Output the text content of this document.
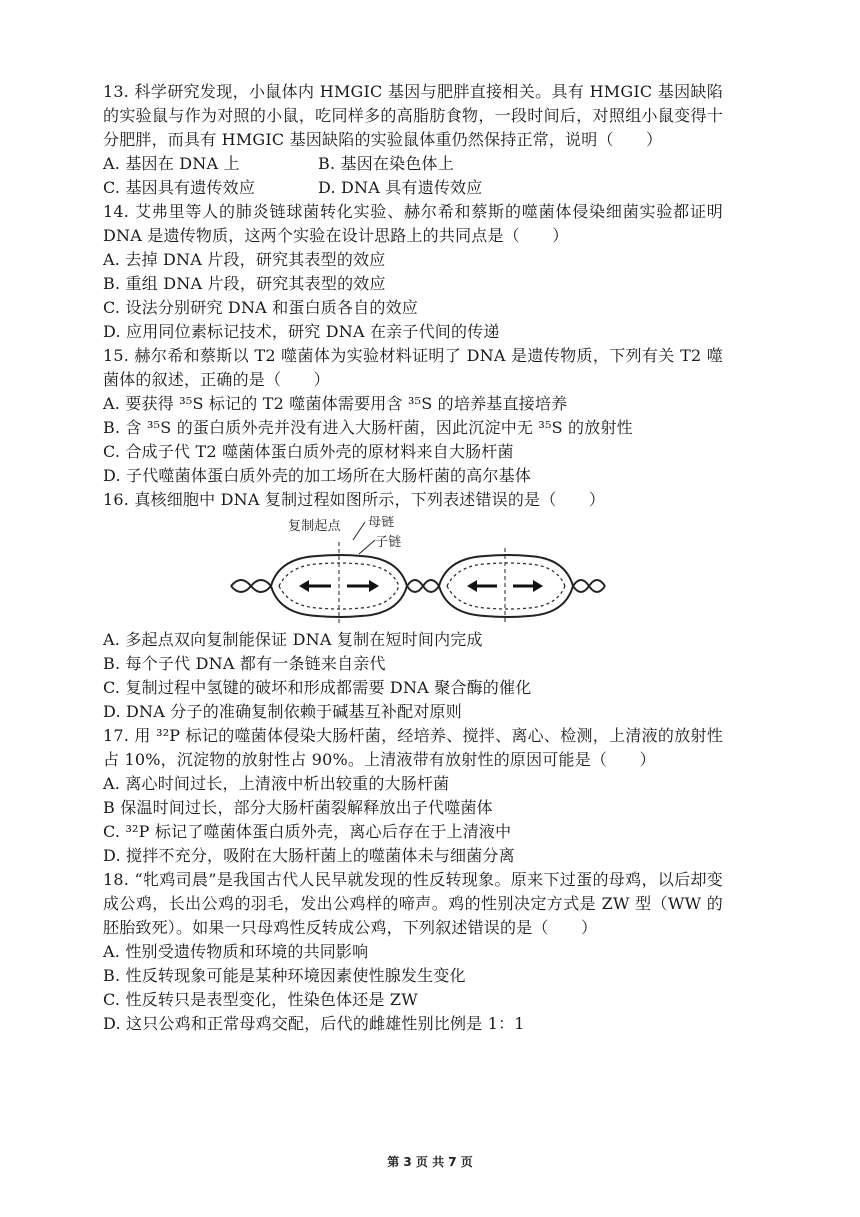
13. 科学研究发现，小鼠体内 HMGIC 基因与肥胖直接相关。具有 HMGIC 基因缺陷的实验鼠与作为对照的小鼠，吃同样多的高脂肪食物，一段时间后，对照组小鼠变得十分肥胖，而具有 HMGIC 基因缺陷的实验鼠体重仍然保持正常，说明（　　）

A. 基因在 DNA 上	B. 基因在染色体上

C. 基因具有遗传效应	D. DNA 具有遗传效应

14. 艾弗里等人的肺炎链球菌转化实验、赫尔希和蔡斯的噬菌体侵染细菌实验都证明 DNA 是遗传物质，这两个实验在设计思路上的共同点是（　　）

A. 去掉 DNA 片段，研究其表型的效应

B. 重组 DNA 片段，研究其表型的效应

C. 设法分别研究 DNA 和蛋白质各自的效应

D. 应用同位素标记技术，研究 DNA 在亲子代间的传递

15. 赫尔希和蔡斯以 T2 噬菌体为实验材料证明了 DNA 是遗传物质，下列有关 T2 噬菌体的叙述，正确的是（　　）

A. 要获得 ³⁵S 标记的 T2 噬菌体需要用含 ³⁵S 的培养基直接培养

B. 含 ³⁵S 的蛋白质外壳并没有进入大肠杆菌，因此沉淀中无 ³⁵S 的放射性

C. 合成子代 T2 噬菌体蛋白质外壳的原材料来自大肠杆菌

D. 子代噬菌体蛋白质外壳的加工场所在大肠杆菌的高尔基体

16. 真核细胞中 DNA 复制过程如图所示，下列表述错误的是（　　）

复制起点 母链
子链

A. 多起点双向复制能保证 DNA 复制在短时间内完成

B. 每个子代 DNA 都有一条链来自亲代

C. 复制过程中氢键的破坏和形成都需要 DNA 聚合酶的催化

D. DNA 分子的准确复制依赖于碱基互补配对原则

17. 用 ³²P 标记的噬菌体侵染大肠杆菌，经培养、搅拌、离心、检测，上清液的放射性占 10%，沉淀物的放射性占 90%。上清液带有放射性的原因可能是（　　）

A. 离心时间过长，上清液中析出较重的大肠杆菌

B 保温时间过长，部分大肠杆菌裂解释放出子代噬菌体

C. ³²P 标记了噬菌体蛋白质外壳，离心后存在于上清液中

D. 搅拌不充分，吸附在大肠杆菌上的噬菌体未与细菌分离

18. “牝鸡司晨”是我国古代人民早就发现的性反转现象。原来下过蛋的母鸡，以后却变成公鸡，长出公鸡的羽毛，发出公鸡样的啼声。鸡的性别决定方式是 ZW 型（WW 的胚胎致死）。如果一只母鸡性反转成公鸡，下列叙述错误的是（　　）

A. 性别受遗传物质和环境的共同影响

B. 性反转现象可能是某种环境因素使性腺发生变化

C. 性反转只是表型变化，性染色体还是 ZW

D. 这只公鸡和正常母鸡交配，后代的雌雄性别比例是 1：1

第 3 页 共 7 页
